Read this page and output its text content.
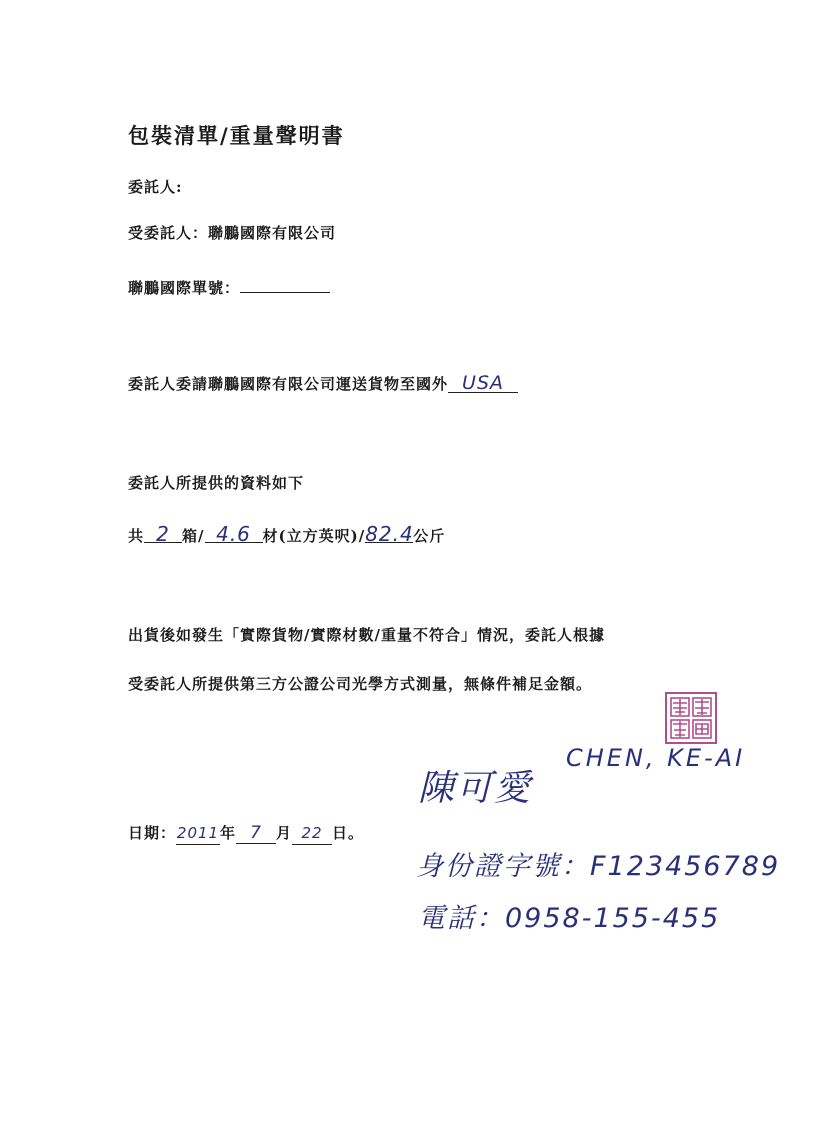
包裝清單/重量聲明書
委託人:
受委託人：聯鵬國際有限公司
聯鵬國際單號：
委託人委請聯鵬國際有限公司運送貨物至國外 USA
委託人所提供的資料如下
共 2 箱/ 4.6 材(立方英呎)/82.4公斤
出貨後如發生「實際貨物/實際材數/重量不符合」情況，委託人根據
受委託人所提供第三方公證公司光學方式測量，無條件補足金額。
日期：2011年 7 月 22 日。
陳可愛
CHEN, KE-AI
身份證字號：F123456789
電話：0958-155-455
